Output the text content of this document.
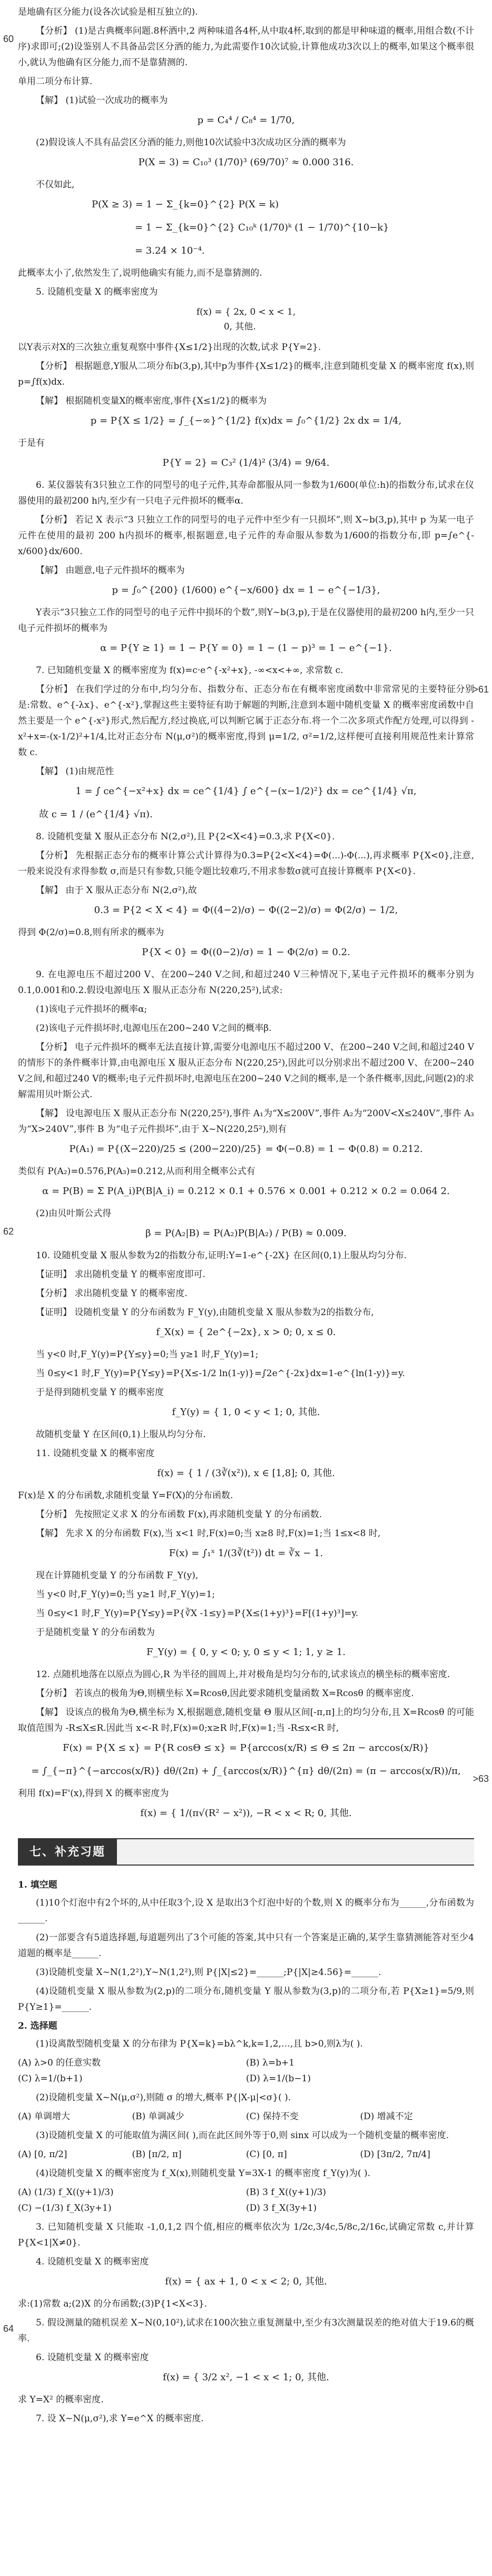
60
>61
62
>63
64

是地确有区分能力(设各次试验是相互独立的).

【分析】 (1)是古典概率问题.8杯酒中,2 两种味道各4杯,从中取4杯,取到的都是甲种味道的概率,用组合数(不计序)求即可;(2)设鉴别人不具备品尝区分酒的能力,为此需要作10次试验,计算他成功3次以上的概率,如果这个概率很小,就认为他确有区分能力,而不是靠猜测的.

单用二项分布计算.

【解】 (1)试验一次成功的概率为

p = C₄⁴ / C₈⁴ = 1/70,

(2)假设该人不具有品尝区分酒的能力,则他10次试验中3次成功区分酒的概率为

P(X = 3) = C₁₀³ (1/70)³ (69/70)⁷ ≈ 0.000 316.

不仅如此,

P(X ≥ 3) = 1 − Σ_{k=0}^{2} P(X = k)
= 1 − Σ_{k=0}^{2} C₁₀ᵏ (1/70)ᵏ (1 − 1/70)^{10−k}
= 3.24 × 10⁻⁴.

此概率太小了,依然发生了,说明他确实有能力,而不是靠猜测的.

5. 设随机变量 X 的概率密度为

f(x) = { 2x, 0 < x < 1,
0, 其他.

以Y表示对X的三次独立重复观察中事件{X≤1/2}出现的次数,试求 P{Y=2}.

【分析】 根据题意,Y服从二项分布b(3,p),其中p为事件{X≤1/2}的概率,注意到随机变量 X 的概率密度 f(x),则 p=∫f(x)dx.

【解】 根据随机变量X的概率密度,事件{X≤1/2}的概率为

p = P{X ≤ 1/2} = ∫_{−∞}^{1/2} f(x)dx = ∫₀^{1/2} 2x dx = 1/4,

于是有

P{Y = 2} = C₃² (1/4)² (3/4) = 9/64.

6. 某仪器装有3只独立工作的同型号的电子元件,其寿命都服从同一参数为1/600(单位:h)的指数分布,试求在仪器使用的最初200 h内,至少有一只电子元件损坏的概率α.

【分析】 若记 X 表示“3 只独立工作的同型号的电子元件中至少有一只损坏”,则 X~b(3,p),其中 p 为某一电子元件在使用的最初 200 h内损坏的概率,根据题意,电子元件的寿命服从参数为1/600的指数分布,即 p=∫e^{-x/600}dx/600.

【解】 由题意,电子元件损坏的概率为

p = ∫₀^{200} (1/600) e^{−x/600} dx = 1 − e^{−1/3},

Y表示“3只独立工作的同型号的电子元件中损坏的个数”,则Y~b(3,p),于是在仪器使用的最初200 h内,至少一只电子元件损坏的概率为

α = P{Y ≥ 1} = 1 − P{Y = 0} = 1 − (1 − p)³ = 1 − e^{−1}.

7. 已知随机变量 X 的概率密度为 f(x)=c·e^{-x²+x}, -∞<x<+∞, 求常数 c.

【分析】 在我们学过的分布中,均匀分布、指数分布、正态分布在有概率密度函数中非常常见的主要特征分别是:常数、e^{-λx}、e^{-x²},掌握这些主要特征有助于解题的判断,注意到本题中随机变量 X 的概率密度函数中自然主要是一个 e^{-x²}形式,然后配方,经过换底,可以判断它属于正态分布.将一个二次多项式作配方处理,可以得到 -x²+x=-(x-1/2)²+1/4,比对正态分布 N(μ,σ²)的概率密度,得到 μ=1/2, σ²=1/2,这样便可直接利用规范性来计算常数 c.

【解】 (1)由规范性

1 = ∫ ce^{−x²+x} dx = ce^{1/4} ∫ e^{−(x−1/2)²} dx = ce^{1/4} √π,
故 c = 1 / (e^{1/4} √π).

8. 设随机变量 X 服从正态分布 N(2,σ²),且 P{2<X<4}=0.3,求 P{X<0}.

【分析】 先根据正态分布的概率计算公式计算得为0.3=P{2<X<4}=Φ(...)-Φ(...),再求概率 P{X<0},注意,一般来说没有求得参数 σ,而是只有参数,只能令题比较难巧,不用求参数σ就可直接计算概率 P{X<0}.

【解】 由于 X 服从正态分布 N(2,σ²),故

0.3 = P{2 < X < 4} = Φ((4−2)/σ) − Φ((2−2)/σ) = Φ(2/σ) − 1/2,

得到 Φ(2/σ)=0.8,则有所求的概率为

P{X < 0} = Φ((0−2)/σ) = 1 − Φ(2/σ) = 0.2.

9. 在电源电压不超过200 V、在200~240 V之间,和超过240 V三种情况下,某电子元件损坏的概率分别为0.1,0.001和0.2.假设电源电压 X 服从正态分布 N(220,25²),试求:

(1)该电子元件损坏的概率α;

(2)该电子元件损坏时,电源电压在200~240 V之间的概率β.

【分析】 电子元件损坏的概率无法直接计算,需要分电源电压不超过200 V、在200~240 V之间,和超过240 V的情形下的条件概率计算,由电源电压 X 服从正态分布 N(220,25²),因此可以分别求出不超过200 V、在200~240 V之间,和超过240 V的概率;电子元件损坏时,电源电压在200~240 V之间的概率,是一个条件概率,因此,问题(2)的求解需用贝叶斯公式.

【解】 设电源电压 X 服从正态分布 N(220,25²),事件 A₁为“X≤200V”,事件 A₂为“200V<X≤240V”,事件 A₃为“X>240V”,事件 B 为“电子元件损坏”,由于 X~N(220,25²),则有

P(A₁) = P{(X−220)/25 ≤ (200−220)/25} = Φ(−0.8) = 1 − Φ(0.8) = 0.212.

类似有 P(A₂)=0.576,P(A₃)=0.212,从而利用全概率公式有

α = P(B) = Σ P(A_i)P(B|A_i) = 0.212 × 0.1 + 0.576 × 0.001 + 0.212 × 0.2 = 0.064 2.

(2)由贝叶斯公式得

β = P(A₂|B) = P(A₂)P(B|A₂) / P(B) ≈ 0.009.

10. 设随机变量 X 服从参数为2的指数分布,证明:Y=1-e^{-2X} 在区间(0,1)上服从均匀分布.

【证明】 求出随机变量 Y 的概率密度即可.

【分析】 求出随机变量 Y 的概率密度.

【证明】 设随机变量 Y 的分布函数为 F_Y(y),由随机变量 X 服从参数为2的指数分布,

f_X(x) = { 2e^{−2x}, x > 0; 0, x ≤ 0.

当 y<0 时,F_Y(y)=P{Y≤y}=0;当 y≥1 时,F_Y(y)=1;

当 0≤y<1 时,F_Y(y)=P{Y≤y}=P{X≤-1/2 ln(1-y)}=∫2e^{-2x}dx=1-e^{ln(1-y)}=y.

于是得到随机变量 Y 的概率密度

f_Y(y) = { 1, 0 < y < 1; 0, 其他.

故随机变量 Y 在区间(0,1)上服从均匀分布.

11. 设随机变量 X 的概率密度

f(x) = { 1 / (3∛(x²)), x ∈ [1,8]; 0, 其他.

F(x)是 X 的分布函数,求随机变量 Y=F(X)的分布函数.

【分析】 先按照定义求 X 的分布函数 F(x),再求随机变量 Y 的分布函数.

【解】 先求 X 的分布函数 F(x),当 x<1 时,F(x)=0;当 x≥8 时,F(x)=1;当 1≤x<8 时,

F(x) = ∫₁ˣ 1/(3∛(t²)) dt = ∛x − 1.

现在计算随机变量 Y 的分布函数 F_Y(y),

当 y<0 时,F_Y(y)=0;当 y≥1 时,F_Y(y)=1;

当 0≤y<1 时,F_Y(y)=P{Y≤y}=P{∛X -1≤y}=P{X≤(1+y)³}=F[(1+y)³]=y.

于是随机变量 Y 的分布函数为

F_Y(y) = { 0, y < 0; y, 0 ≤ y < 1; 1, y ≥ 1.

12. 点随机地落在以原点为圆心,R 为半径的圆周上,并对极角是均匀分布的,试求该点的横坐标的概率密度.

【分析】 若该点的极角为Θ,则横坐标 X=Rcosθ,因此要求随机变量函数 X=Rcosθ 的概率密度.

【解】 设该点的极角为Θ,横坐标为 X,根据题意,随机变量 Θ 服从区间[-π,π]上的均匀分布,且 X=Rcosθ 的可能取值范围为 -R≤X≤R.因此当 x<-R 时,F(x)=0;x≥R 时,F(x)=1;当 -R≤x<R 时,

F(x) = P{X ≤ x} = P{R cosΘ ≤ x} = P{arccos(x/R) ≤ Θ ≤ 2π − arccos(x/R)}
= ∫_{−π}^{−arccos(x/R)} dθ/(2π) + ∫_{arccos(x/R)}^{π} dθ/(2π) = (π − arccos(x/R))/π,

利用 f(x)=F'(x),得到 X 的概率密度为

f(x) = { 1/(π√(R² − x²)), −R < x < R; 0, 其他.
七、补充习题
1. 填空题

(1)10个灯泡中有2个坏的,从中任取3个,设 X 是取出3个灯泡中好的个数,则 X 的概率分布为______,分布函数为______.

(2)一部要含有5道选择题,每道题列出了3个可能的答案,其中只有一个答案是正确的,某学生靠猜测能答对至少4道题的概率是______.

(3)设随机变量 X~N(1,2²),Y~N(1,2²),则 P{|X|≤2}=______;P{|X|≥4.56}=______.

(4)设随机变量 X 服从参数为(2,p)的二项分布,随机变量 Y 服从参数为(3,p)的二项分布,若 P{X≥1}=5/9,则 P{Y≥1}=______.

2. 选择题

(1)设离散型随机变量 X 的分布律为 P{X=k}=bλ^k,k=1,2,…,且 b>0,则λ为( ).

(A) λ>0 的任意实数	(B) λ=b+1
(C) λ=1/(b+1)	(D) λ=1/(b−1)

(2)设随机变量 X~N(μ,σ²),则随 σ 的增大,概率 P{|X-μ|<σ}( ).

(A) 单调增大	(B) 单调减少	(C) 保持不变	(D) 增减不定

(3)设随机变量 X 的可能取值为满区间( ),而在此区间外等于0,则 sinx 可以成为一个随机变量的概率密度.

(A) [0, π/2]	(B) [π/2, π]	(C) [0, π]	(D) [3π/2, 7π/4]

(4)设随机变量 X 的概率密度为 f_X(x),则随机变量 Y=3X-1 的概率密度 f_Y(y)为( ).

(A) (1/3) f_X((y+1)/3)	(B) 3 f_X((y+1)/3)
(C) −(1/3) f_X(3y+1)	(D) 3 f_X(3y+1)

3. 已知随机变量 X 只能取 -1,0,1,2 四个值,相应的概率依次为 1/2c,3/4c,5/8c,2/16c,试确定常数 c,并计算 P{X<1|X≠0}.

4. 设随机变量 X 的概率密度

f(x) = { ax + 1, 0 < x < 2; 0, 其他.

求:(1)常数 a;(2)X 的分布函数;(3)P{1<X<3}.

5. 假设测量的随机误差 X~N(0,10²),试求在100次独立重复测量中,至少有3次测量误差的绝对值大于19.6的概率.

6. 设随机变量 X 的概率密度

f(x) = { 3/2 x², −1 < x < 1; 0, 其他.

求 Y=X² 的概率密度.

7. 设 X~N(μ,σ²),求 Y=e^X 的概率密度.
